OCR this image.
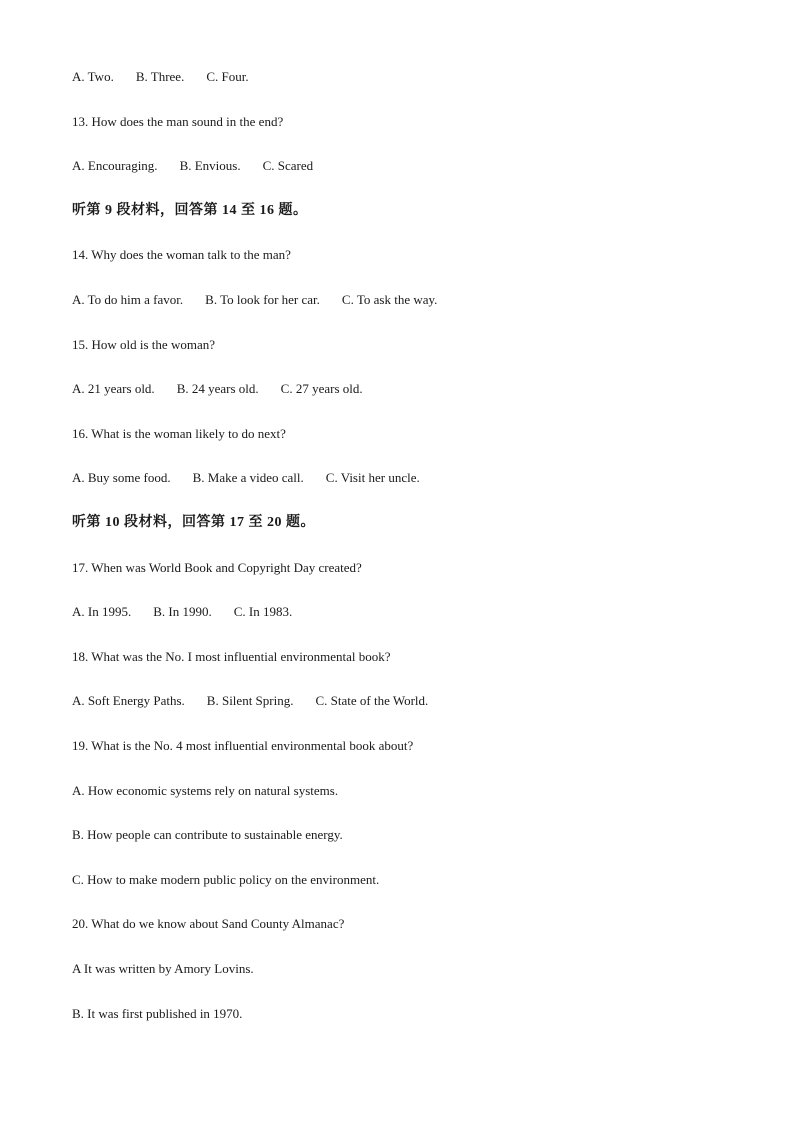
A. Two. B. Three. C. Four.
13. How does the man sound in the end?
A. Encouraging. B. Envious. C. Scared
听第 9 段材料，回答第 14 至 16 题。
14. Why does the woman talk to the man?
A. To do him a favor. B. To look for her car. C. To ask the way.
15. How old is the woman?
A. 21 years old. B. 24 years old. C. 27 years old.
16. What is the woman likely to do next?
A. Buy some food. B. Make a video call. C. Visit her uncle.
听第 10 段材料，回答第 17 至 20 题。
17. When was World Book and Copyright Day created?
A. In 1995. B. In 1990. C. In 1983.
18. What was the No. I most influential environmental book?
A. Soft Energy Paths. B. Silent Spring. C. State of the World.
19. What is the No. 4 most influential environmental book about?
A. How economic systems rely on natural systems.
B. How people can contribute to sustainable energy.
C. How to make modern public policy on the environment.
20. What do we know about Sand County Almanac?
A It was written by Amory Lovins.
B. It was first published in 1970.
